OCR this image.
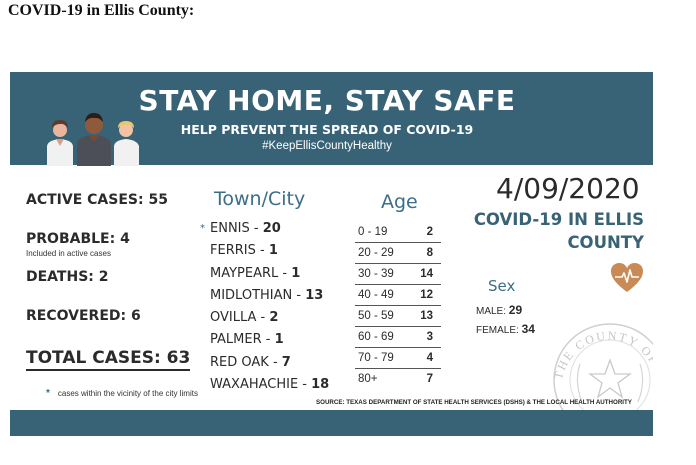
COVID-19 in Ellis County:
STAY HOME, STAY SAFE
HELP PREVENT THE SPREAD OF COVID-19
#KeepEllisCountyHealthy
ACTIVE CASES: 55
PROBABLE: 4
Included in active cases
DEATHS: 2
RECOVERED: 6
TOTAL CASES: 63
* cases within the vicinity of the city limits
Town/City
* ENNIS - 20
FERRIS - 1
MAYPEARL - 1
MIDLOTHIAN - 13
OVILLA - 2
PALMER - 1
RED OAK - 7
WAXAHACHIE - 18
Age
0 - 19	2
20 - 29	8
30 - 39 14
40 - 49 12
50 - 59 13
60 - 69	3
70 - 79	4
80+	7
4/09/2020
COVID-19 IN ELLIS
COUNTY
Sex
MALE: 29
FEMALE: 34
THE COUNTY OF
SOURCE: TEXAS DEPARTMENT OF STATE HEALTH SERVICES (DSHS) & THE LOCAL HEALTH AUTHORITY
